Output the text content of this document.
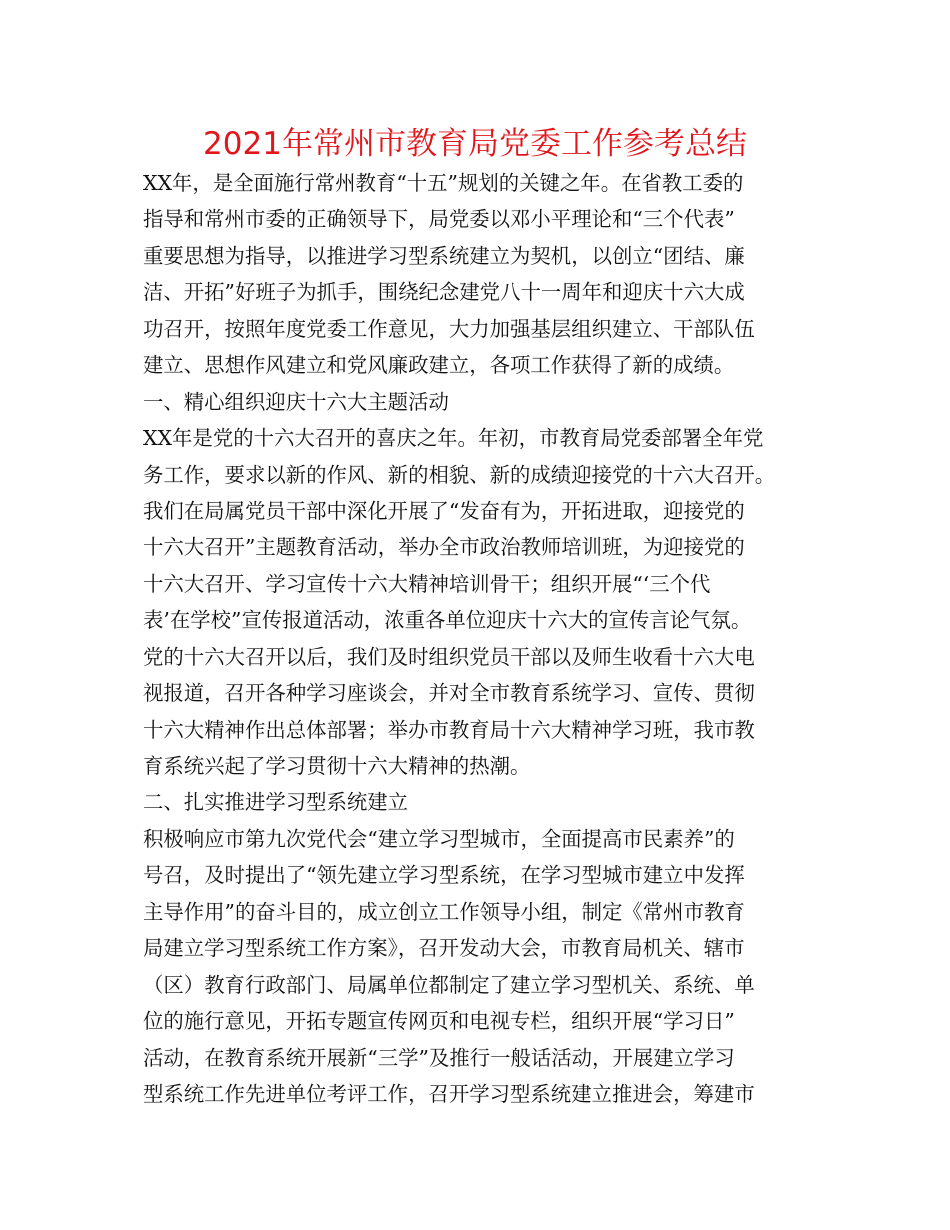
2021年常州市教育局党委工作参考总结
XX年，是全面施行常州教育“十五”规划的关键之年。在省教工委的
指导和常州市委的正确领导下，局党委以邓小平理论和“三个代表”
重要思想为指导，以推进学习型系统建立为契机，以创立“团结、廉
洁、开拓”好班子为抓手，围绕纪念建党八十一周年和迎庆十六大成
功召开，按照年度党委工作意见，大力加强基层组织建立、干部队伍
建立、思想作风建立和党风廉政建立，各项工作获得了新的成绩。
一、精心组织迎庆十六大主题活动
XX年是党的十六大召开的喜庆之年。年初，市教育局党委部署全年党
务工作，要求以新的作风、新的相貌、新的成绩迎接党的十六大召开。
我们在局属党员干部中深化开展了“发奋有为，开拓进取，迎接党的
十六大召开”主题教育活动，举办全市政治教师培训班，为迎接党的
十六大召开、学习宣传十六大精神培训骨干；组织开展“‘三个代
表’在学校”宣传报道活动，浓重各单位迎庆十六大的宣传言论气氛。
党的十六大召开以后，我们及时组织党员干部以及师生收看十六大电
视报道，召开各种学习座谈会，并对全市教育系统学习、宣传、贯彻
十六大精神作出总体部署；举办市教育局十六大精神学习班，我市教
育系统兴起了学习贯彻十六大精神的热潮。
二、扎实推进学习型系统建立
积极响应市第九次党代会“建立学习型城市，全面提高市民素养”的
号召，及时提出了“领先建立学习型系统，在学习型城市建立中发挥
主导作用”的奋斗目的，成立创立工作领导小组，制定《常州市教育
局建立学习型系统工作方案》，召开发动大会，市教育局机关、辖市
（区）教育行政部门、局属单位都制定了建立学习型机关、系统、单
位的施行意见，开拓专题宣传网页和电视专栏，组织开展“学习日”
活动，在教育系统开展新“三学”及推行一般话活动，开展建立学习
型系统工作先进单位考评工作，召开学习型系统建立推进会，筹建市
